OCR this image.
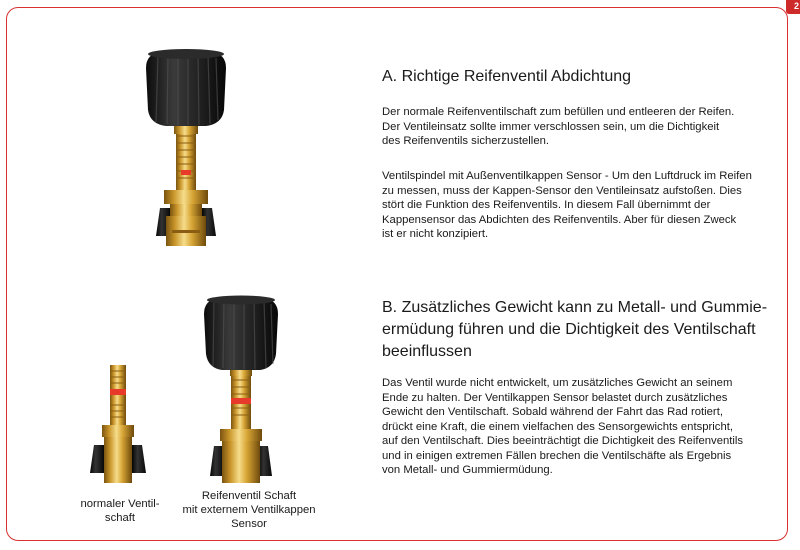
2

normaler Ventil-
schaft

Reifenventil Schaft
mit externem Ventilkappen
Sensor

A. Richtige Reifenventil Abdichtung

Der normale Reifenventilschaft zum befüllen und entleeren der Reifen.
Der Ventileinsatz sollte immer verschlossen sein, um die Dichtigkeit
des Reifenventils sicherzustellen.

Ventilspindel mit Außenventilkappen Sensor - Um den Luftdruck im Reifen
zu messen, muss der Kappen-Sensor den Ventileinsatz aufstoßen. Dies
stört die Funktion des Reifenventils. In diesem Fall übernimmt der
Kappensensor das Abdichten des Reifenventils. Aber für diesen Zweck
ist er nicht konzipiert.

B. Zusätzliches Gewicht kann zu Metall- und Gummie-
ermüdung führen und die Dichtigkeit des Ventilschaft
beeinflussen

Das Ventil wurde nicht entwickelt, um zusätzliches Gewicht an seinem
Ende zu halten. Der Ventilkappen Sensor belastet durch zusätzliches
Gewicht den Ventilschaft. Sobald während der Fahrt das Rad rotiert,
drückt eine Kraft, die einem vielfachen des Sensorgewichts entspricht,
auf den Ventilschaft. Dies beeinträchtigt die Dichtigkeit des Reifenventils
und in einigen extremen Fällen brechen die Ventilschäfte als Ergebnis
von Metall- und Gummiermüdung.
